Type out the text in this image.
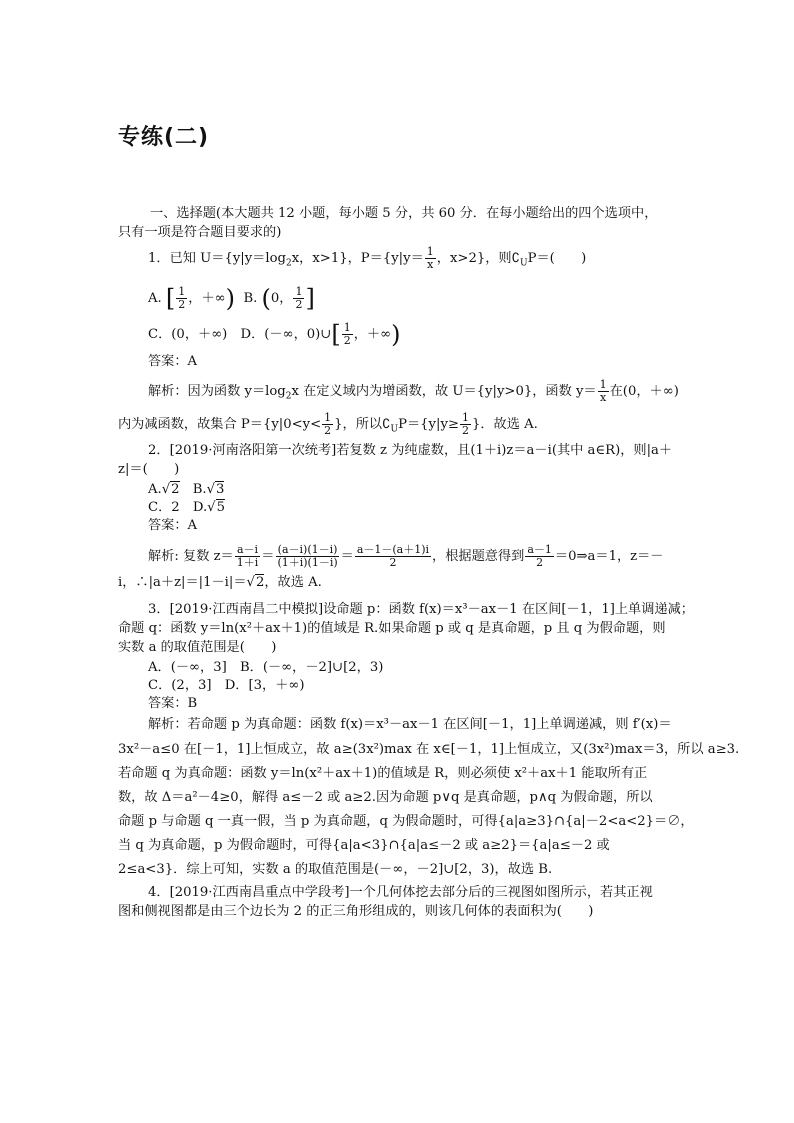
专练(二)
一、选择题(本大题共 12 小题，每小题 5 分，共 60 分．在每小题给出的四个选项中，
只有一项是符合题目要求的)
1．已知 $U=\{y|y=\log_2x$，x>1}，$P=\{y|y= \frac{1}{x}$ ，x>2}，则$∁_UP=$(　　)
A. [ $\frac{1}{2}$ ，＋∞) B. (0， $\frac{1}{2}$ ]
C．(0，＋∞)　D．(－∞，0)∪[ $\frac{1}{2}$ ，＋∞)
答案：A
解析：因为函数 $y=\log_2x$ 在定义域内为增函数，故 U＝{y|y>0}，函数 $y= \frac{1}{x}$ 在(0，＋∞)
内为减函数，故集合 $P=\{y|0<y< \frac{1}{2}$ }，所以$∁_UP=\{y|y\ge \frac{1}{2}$ }．故选 A.
2．[2019·河南洛阳第一次统考]若复数 z 为纯虚数，且(1＋i)z＝a－i(其中 a∈R)，则|a＋
z|＝(　　)
A.√2　B.√3
C．2　D.√5
答案：A
解析: 复数 $z= \frac{a-i}{1+i} = \frac{(a-i)(1-i)}{(1+i)(1-i)} = \frac{a-1-(a+1)i}{2}$ ，根据题意得到 $\frac{a-1}{2}$ ＝0⇒a＝1，z＝－
i，∴|a＋z|＝|1－i|＝√2，故选 A.
3．[2019·江西南昌二中模拟]设命题 p：函数 f(x)＝x³－ax－1 在区间[－1，1]上单调递减；
命题 q：函数 y＝ln(x²＋ax＋1)的值域是 R.如果命题 p 或 q 是真命题，p 且 q 为假命题，则
实数 a 的取值范围是(　　)
A．(－∞，3]　B．(－∞，－2]∪[2，3)
C．(2，3]　D．[3，＋∞)
答案：B
解析：若命题 p 为真命题：函数 f(x)＝x³－ax－1 在区间[－1，1]上单调递减，则 f′(x)＝
3x²－a≤0 在[－1，1]上恒成立，故 a≥(3x²)max 在 x∈[－1，1]上恒成立，又(3x²)max＝3，所以 a≥3.
若命题 q 为真命题：函数 y＝ln(x²＋ax＋1)的值域是 R，则必须使 x²＋ax＋1 能取所有正
数，故 Δ＝a²－4≥0，解得 a≤－2 或 a≥2.因为命题 p∨q 是真命题，p∧q 为假命题，所以
命题 p 与命题 q 一真一假，当 p 为真命题，q 为假命题时，可得{a|a≥3}∩{a|－2<a<2}＝∅，
当 q 为真命题，p 为假命题时，可得{a|a<3}∩{a|a≤－2 或 a≥2}＝{a|a≤－2 或
2≤a<3}．综上可知，实数 a 的取值范围是(－∞，－2]∪[2，3)，故选 B.
4．[2019·江西南昌重点中学段考]一个几何体挖去部分后的三视图如图所示，若其正视
图和侧视图都是由三个边长为 2 的正三角形组成的，则该几何体的表面积为(　　)
